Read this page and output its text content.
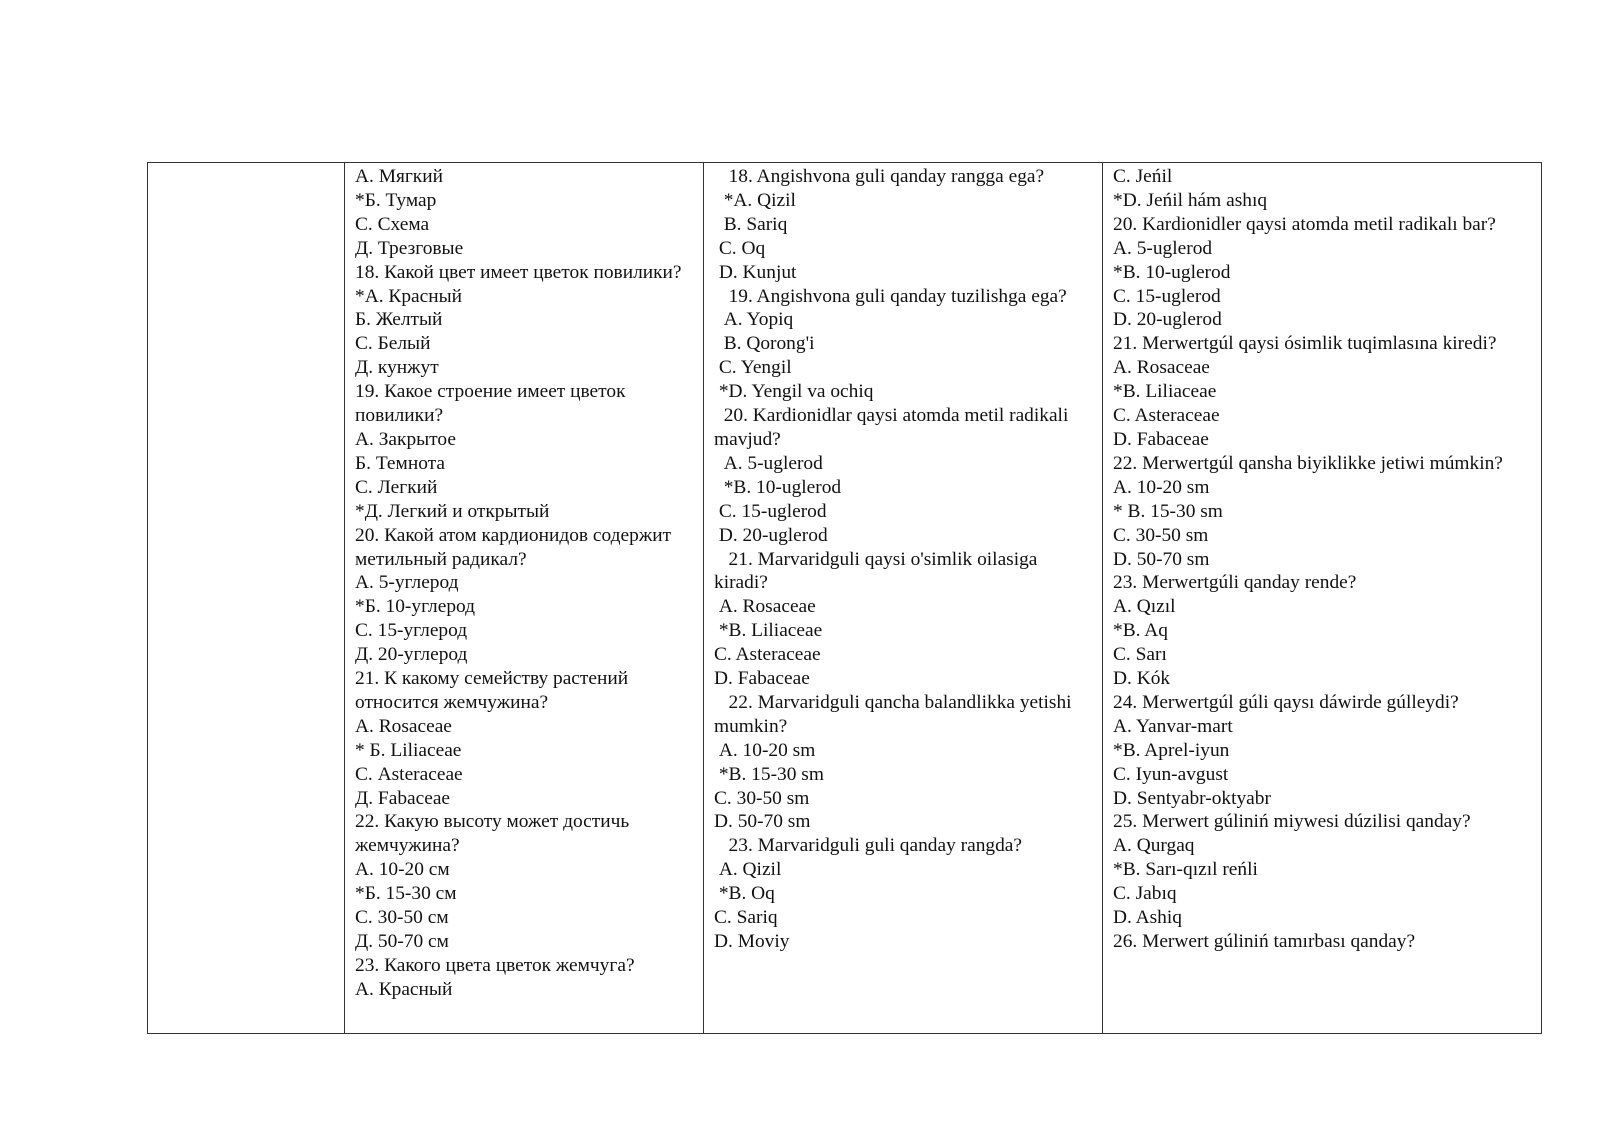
А. Мягкий
*Б. Тумар
С. Схема
Д. Трезговые
18. Какой цвет имеет цветок повилики?
*А. Красный
Б. Желтый
С. Белый
Д. кунжут
19. Какое строение имеет цветок повилики?
А. Закрытое
Б. Темнота
С. Легкий
*Д. Легкий и открытый
20. Какой атом кардионидов содержит метильный радикал?
А. 5-углерод
*Б. 10-углерод
С. 15-углерод
Д. 20-углерод
21. К какому семейству растений относится жемчужина?
А. Rosaceae
* Б. Liliaceae
С. Asteraceae
Д. Fabaceae
22. Какую высоту может достичь жемчужина?
А. 10-20 см
*Б. 15-30 см
С. 30-50 см
Д. 50-70 см
23. Какого цвета цветок жемчуга?
А. Красный

18. Angishvona guli qanday rangga ega?
*A. Qizil
B. Sariq
C. Oq
D. Kunjut
19. Angishvona guli qanday tuzilishga ega?
A. Yopiq
B. Qorong'i
C. Yengil
*D. Yengil va ochiq
20. Kardionidlar qaysi atomda metil radikali mavjud?
A. 5-uglerod
*B. 10-uglerod
C. 15-uglerod
D. 20-uglerod
21. Marvaridguli qaysi o'simlik oilasiga kiradi?
A. Rosaceae
*B. Liliaceae
C. Asteraceae
D. Fabaceae
22. Marvaridguli qancha balandlikka yetishi mumkin?
A. 10-20 sm
*B. 15-30 sm
C. 30-50 sm
D. 50-70 sm
23. Marvaridguli guli qanday rangda?
A. Qizil
*B. Oq
C. Sariq
D. Moviy

C. Jeńil
*D. Jeńil hám ashıq
20. Kardionidler qaysi atomda metil radikalı bar?
A. 5-uglerod
*B. 10-uglerod
C. 15-uglerod
D. 20-uglerod
21. Merwertgúl qaysi ósimlik tuqimlasına kiredi?
A. Rosaceae
*B. Liliaceae
C. Asteraceae
D. Fabaceae
22. Merwertgúl qansha biyiklikke jetiwi múmkin?
A. 10-20 sm
* B. 15-30 sm
C. 30-50 sm
D. 50-70 sm
23. Merwertgúli qanday rende?
A. Qızıl
*B. Aq
C. Sarı
D. Kók
24. Merwertgúl gúli qaysı dáwirde gúlleydi?
A. Yanvar-mart
*B. Aprel-iyun
C. Iyun-avgust
D. Sentyabr-oktyabr
25. Merwert gúliniń miywesi dúzilisi qanday?
A. Qurgaq
*B. Sarı-qızıl reńli
C. Jabıq
D. Ashiq
26. Merwert gúliniń tamırbası qanday?
